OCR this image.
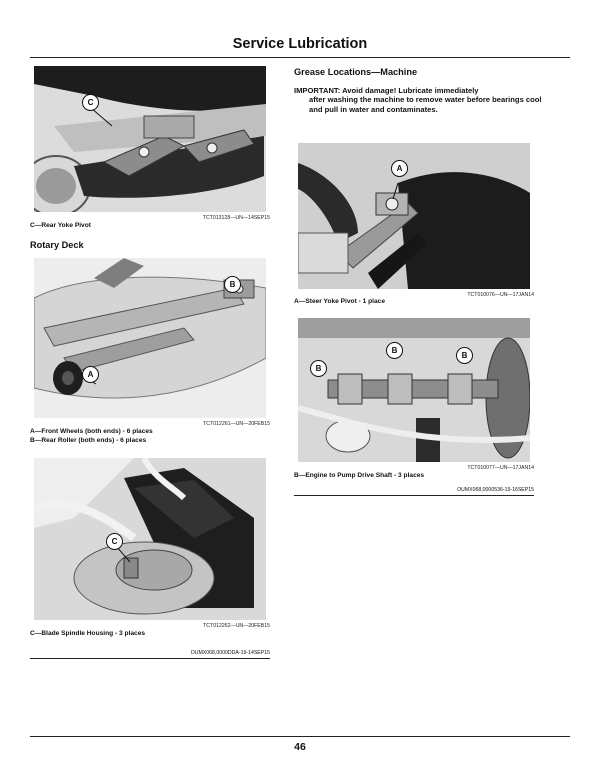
Service Lubrication
C
TCT013128—UN—14SEP15
C—Rear Yoke Pivot
Rotary Deck
B
A
TCT012261—UN—20FEB15
A—Front Wheels (both ends) - 6 places
B—Rear Roller (both ends) - 6 places
C
TCT012262—UN—20FEB15
C—Blade Spindle Housing - 3 places
OUMX068,0000DDA-19-14SEP15
Grease Locations—Machine
IMPORTANT: Avoid damage! Lubricate immediately
after washing the machine to remove water before bearings cool and pull in water and contaminates.
A
TCT010076—UN—17JAN14
A—Steer Yoke Pivot - 1 place
B
B
B
TCT010077—UN—17JAN14
B—Engine to Pump Drive Shaft - 3 places
OUMX068,0000536-19-16SEP15
46
